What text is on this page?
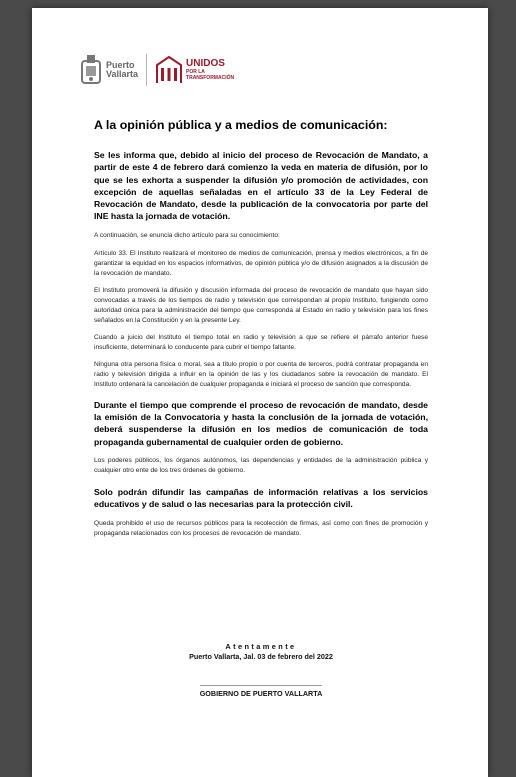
Puerto
Vallarta
UNIDOS
POR LA
TRANSFORMACIÓN
A la opinión pública y a medios de comunicación:

Se les informa que, debido al inicio del proceso de Revocación de Mandato, a partir de este 4 de febrero dará comienzo la veda en materia de difusión, por lo que se les exhorta a suspender la difusión y/o promoción de actividades, con excepción de aquellas señaladas en el artículo 33 de la Ley Federal de Revocación de Mandato, desde la publicación de la convocatoria por parte del INE hasta la jornada de votación.

A continuación, se enuncia dicho artículo para su conocimiento:

Artículo 33. El Instituto realizará el monitoreo de medios de comunicación, prensa y medios electrónicos, a fin de garantizar la equidad en los espacios informativos, de opinión pública y/o de difusión asignados a la discusión de la revocación de mandato.

El Instituto promoverá la difusión y discusión informada del proceso de revocación de mandato que hayan sido convocadas a través de los tiempos de radio y televisión que correspondan al propio Instituto, fungiendo como autoridad única para la administración del tiempo que corresponda al Estado en radio y televisión para los fines señalados en la Constitución y en la presente Ley.

Cuando a juicio del Instituto el tiempo total en radio y televisión a que se refiere el párrafo anterior fuese insuficiente, determinará lo conducente para cubrir el tiempo faltante.

Ninguna otra persona física o moral, sea a título propio o por cuenta de terceros, podrá contratar propaganda en radio y televisión dirigida a influir en la opinión de las y los ciudadanos sobre la revocación de mandato. El Instituto ordenará la cancelación de cualquier propaganda e iniciará el proceso de sanción que corresponda.

Durante el tiempo que comprende el proceso de revocación de mandato, desde la emisión de la Convocatoria y hasta la conclusión de la jornada de votación, deberá suspenderse la difusión en los medios de comunicación de toda propaganda gubernamental de cualquier orden de gobierno.

Los poderes públicos, los órganos autónomos, las dependencias y entidades de la administración pública y cualquier otro ente de los tres órdenes de gobierno.

Solo podrán difundir las campañas de información relativas a los servicios educativos y de salud o las necesarias para la protección civil.

Queda prohibido el uso de recursos públicos para la recolección de firmas, así como con fines de promoción y propaganda relacionados con los procesos de revocación de mandato.

Atentamente
Puerto Vallarta, Jal. 03 de febrero del 2022
GOBIERNO DE PUERTO VALLARTA
